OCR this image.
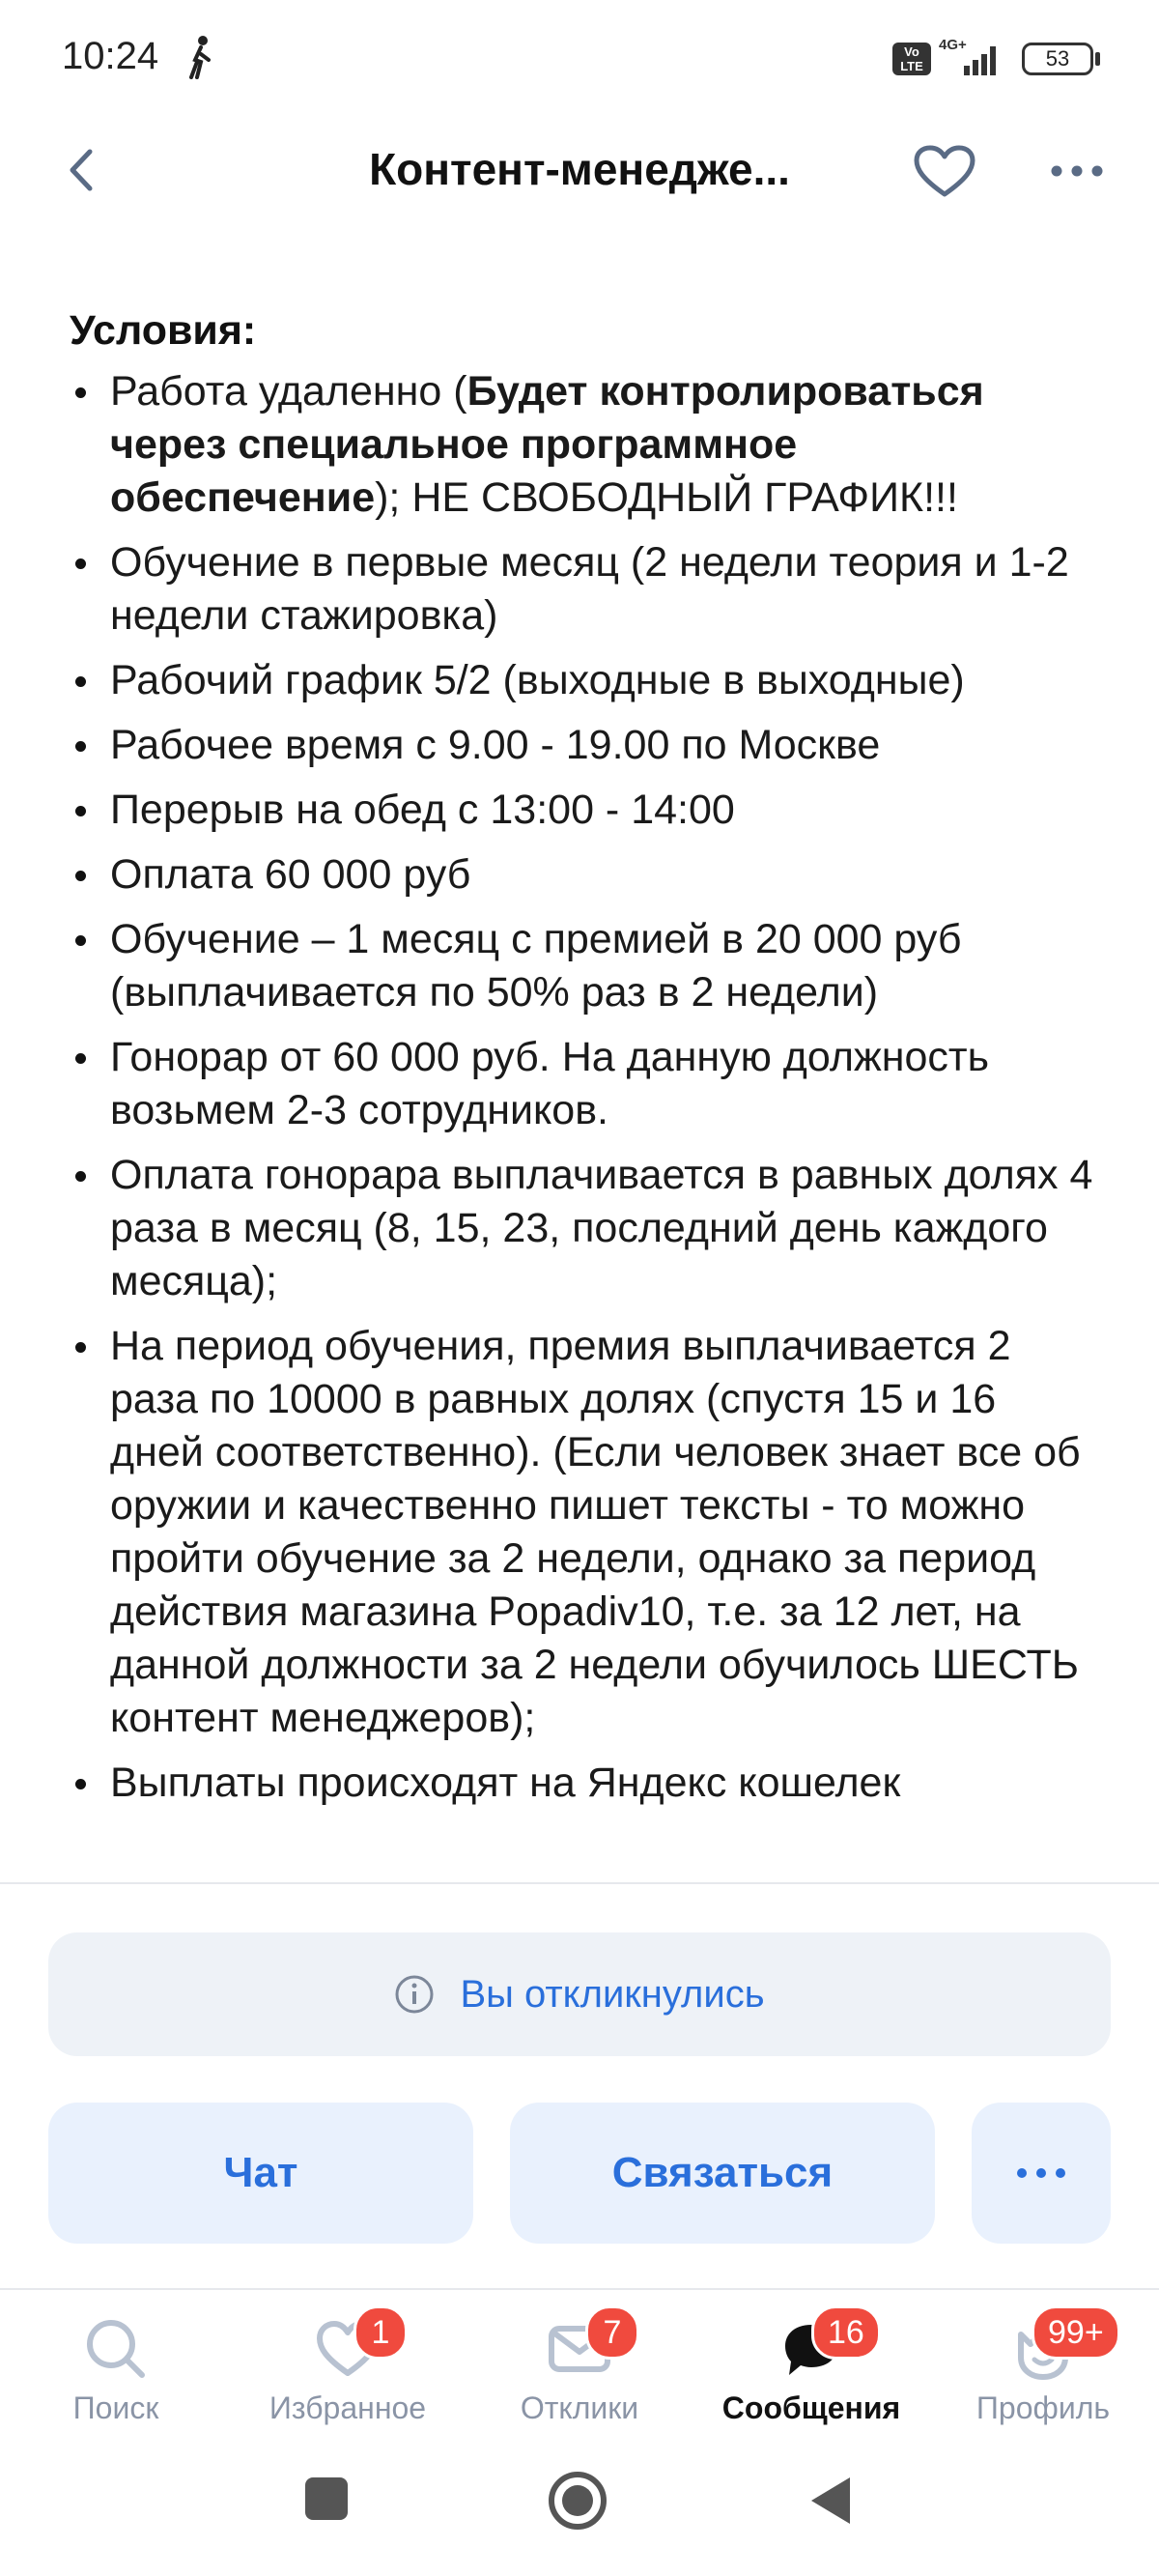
10:24	Vo LTE
4G+
53
Контент-менедже...
Условия:
Работа удаленно (Будет контролироваться через специальное программное обеспечение); НЕ СВОБОДНЫЙ ГРАФИК!!!
Обучение в первые месяц (2 недели теория и 1-2 недели стажировка)
Рабочий график 5/2 (выходные в выходные)
Рабочее время с 9.00 - 19.00 по Москве
Перерыв на обед с 13:00 - 14:00
Оплата 60 000 руб
Обучение – 1 месяц с премией в 20 000 руб (выплачивается по 50% раз в 2 недели)
Гонорар от 60 000 руб. На данную должность возьмем 2-3 сотрудников.
Оплата гонорара выплачивается в равных долях 4 раза в месяц (8, 15, 23, последний день каждого месяца);
На период обучения, премия выплачивается 2 раза по 10000 в равных долях (спустя 15 и 16 дней соответственно). (Если человек знает все об оружии и качественно пишет тексты - то можно пройти обучение за 2 недели, однако за период действия магазина Popadiv10, т.е. за 12 лет, на данной должности за 2 недели обучилось ШЕСТЬ контент менеджеров);
Выплаты происходят на Яндекс кошелек
Вы откликнулись
Чат	Связаться
Поиск
1
Избранное
7
Отклики
16
Сообщения
99+
Профиль
